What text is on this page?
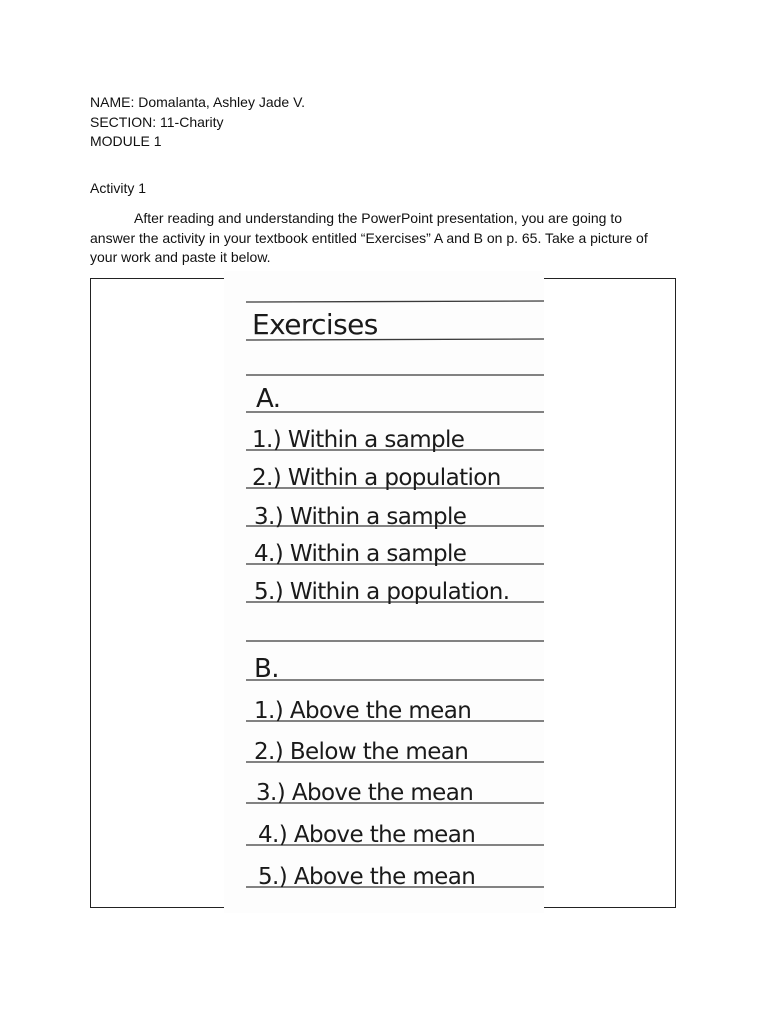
NAME: Domalanta, Ashley Jade V.
SECTION: 11-Charity
MODULE 1
Activity 1
After reading and understanding the PowerPoint presentation, you are going to answer the activity in your textbook entitled “Exercises” A and B on p. 65. Take a picture of your work and paste it below.
Exercises
A.
1.) Within a sample
2.) Within a population
3.) Within a sample
4.) Within a sample
5.) Within a population.
B.
1.) Above the mean
2.) Below the mean
3.) Above the mean
4.) Above the mean
5.) Above the mean
